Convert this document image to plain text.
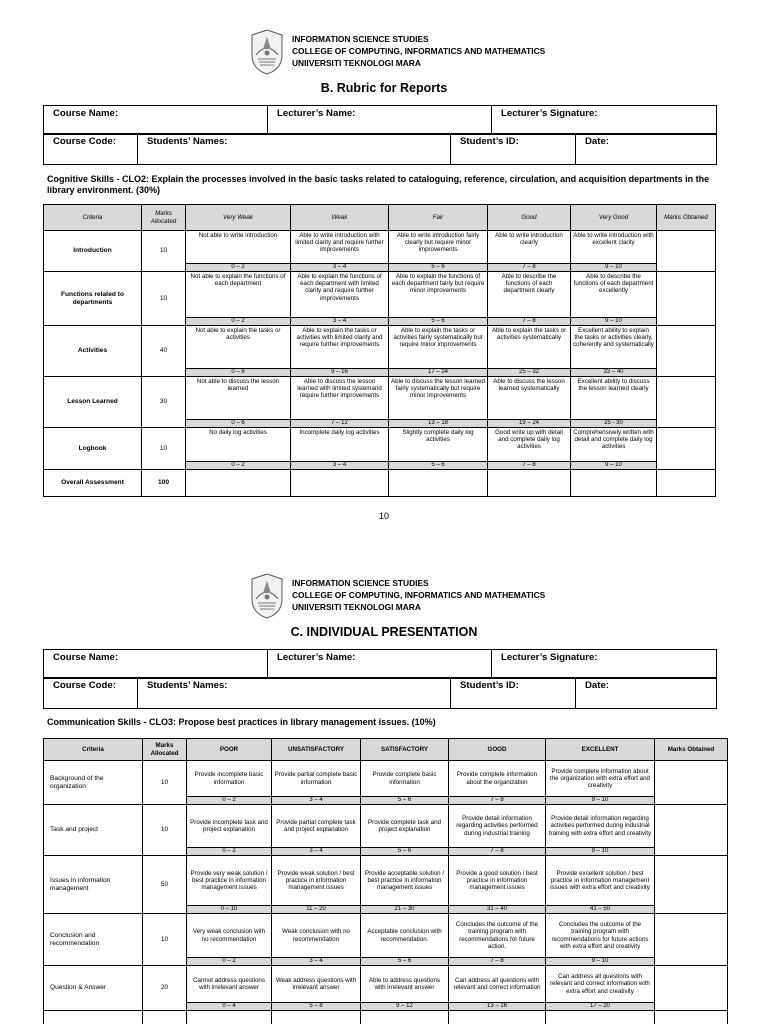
INFORMATION SCIENCE STUDIES
COLLEGE OF COMPUTING, INFORMATICS AND MATHEMATICS
UNIIVERSITI TEKNOLOGI MARA
B. Rubric for Reports
Course Name:	Lecturer’s Name:	Lecturer’s Signature:
Course Code:	Students’ Names:	Student’s ID:	Date:
Cognitive Skills - CLO2: Explain the processes involved in the basic tasks related to cataloguing, reference, circulation, and acquisition departments in the library environment. (30%)
Criteria	Marks Allocated	Very Weak	Weak	Fair	Good	Very Good	Marks Obtained
Introduction	10	Not able to write introduction	Able to write introduction with limited clarity and require further improvements	Able to write introduction fairly clearly but require minor improvements	Able to write introduction clearly	Able to write introduction with excellent clarity	
		0 – 2	3 – 4	5 – 6	7 – 8	9 – 10	
Functions related to departments	10	Not able to explain the functions of each department	Able to explain the functions of each department with limited clarity and require further improvements	Able to explain the functions of each department fairly but require minor improvements	Able to describe the functions of each department clearly	Able to describe the functions of each department excellently	
		0 – 2	3 – 4	5 – 6	7 – 8	9 – 10	
Activities	40	Not able to explain the tasks or activities	Able to explain the tasks or activities with limited clarity and require further improvements	Able to explain the tasks or activities fairly systematically but require minor improvements	Able to explain the tasks or activities systematically	Excellent ability to explain the tasks or activities clearly, coherently and systematically	
		0 – 8	9 – 16	17 – 24	25 – 32	33 – 40	
Lesson Learned	30	Not able to discuss the lesson learned	Able to discuss the lesson learned with limited systemand require further improvements	Able to discuss the lesson learned fairly systematically but require minor improvements	Able to discuss the lesson learned systematically	Excellent ability to discuss the lesson learned clearly	
		0 – 6	7 – 12	13 – 18	19 – 24	25 - 30	
Logbook	10	No daily log activities	Incomplete daily log activities	Slightly complete daily log activities	Good write up with detail and complete daily log activities	Comprehensively written with detail and complete daily log activities	
		0 – 2	3 – 4	5 – 6	7 – 8	9 – 10	
Overall Assessment	100						
10
INFORMATION SCIENCE STUDIES
COLLEGE OF COMPUTING, INFORMATICS AND MATHEMATICS
UNIIVERSITI TEKNOLOGI MARA
C. INDIVIDUAL PRESENTATION
Course Name:	Lecturer’s Name:	Lecturer’s Signature:
Course Code:	Students’ Names:	Student’s ID:	Date:
Communication Skills - CLO3: Propose best practices in library management issues. (10%)
Criteria	Marks Allocated	POOR	UNSATISFACTORY	SATISFACTORY	GOOD	EXCELLENT	Marks Obtained
Background of the organization	10	Provide incomplete basic information	Provide partial complete basic information	Provide complete basic information	Provide complete information about the organization	Provide complete information about the organization with extra effort and creativity	
		0 – 2	3 – 4	5 – 6	7 – 8	9 – 10	
Task and project	10	Provide incomplete task and project explanation	Provide partial complete task and project explanation	Provide complete task and project explanation	Provide detail information regarding activities performed during industrial training	Provide detail information regarding activities performed during industrial training with extra effort and creativity	
		0 – 2	3 – 4	5 – 6	7 – 8	9 – 10	
Issues in information management	50	Provide very weak solution / best practice in information management issues	Provide weak solution / best practice in information management issues	Provide acceptable solution / best practice in information management issues	Provide a good solution / best practice in information management issues	Provide excellent solution / best practice in information management issues with extra effort and creativity	
		0 – 10	11 – 20	21 – 30	31 – 40	41 – 50	
Conclusion and recommendation	10	Very weak conclusion with no recommendation	Weak conclusion with no recommendation	Acceptable conclusion with recommendation.	Concludes the outcome of the training program with recommendations for future action.	Concludes the outcome of the training program with recommendations for future actions with extra effort and creativity	
		0 – 2	3 – 4	5 – 6	7 – 8	9 – 10	
Question & Answer	20	Cannot address questions with irrelevant answer	Weak address questions with irrelevant answer	Able to address questions with irrelevant answer	Can address all questions with relevant and correct information	Can address all questions with relevant and correct information with extra effort and creativity	
		0 – 4	5 – 8	9 – 12	13 – 16	17 – 20	
